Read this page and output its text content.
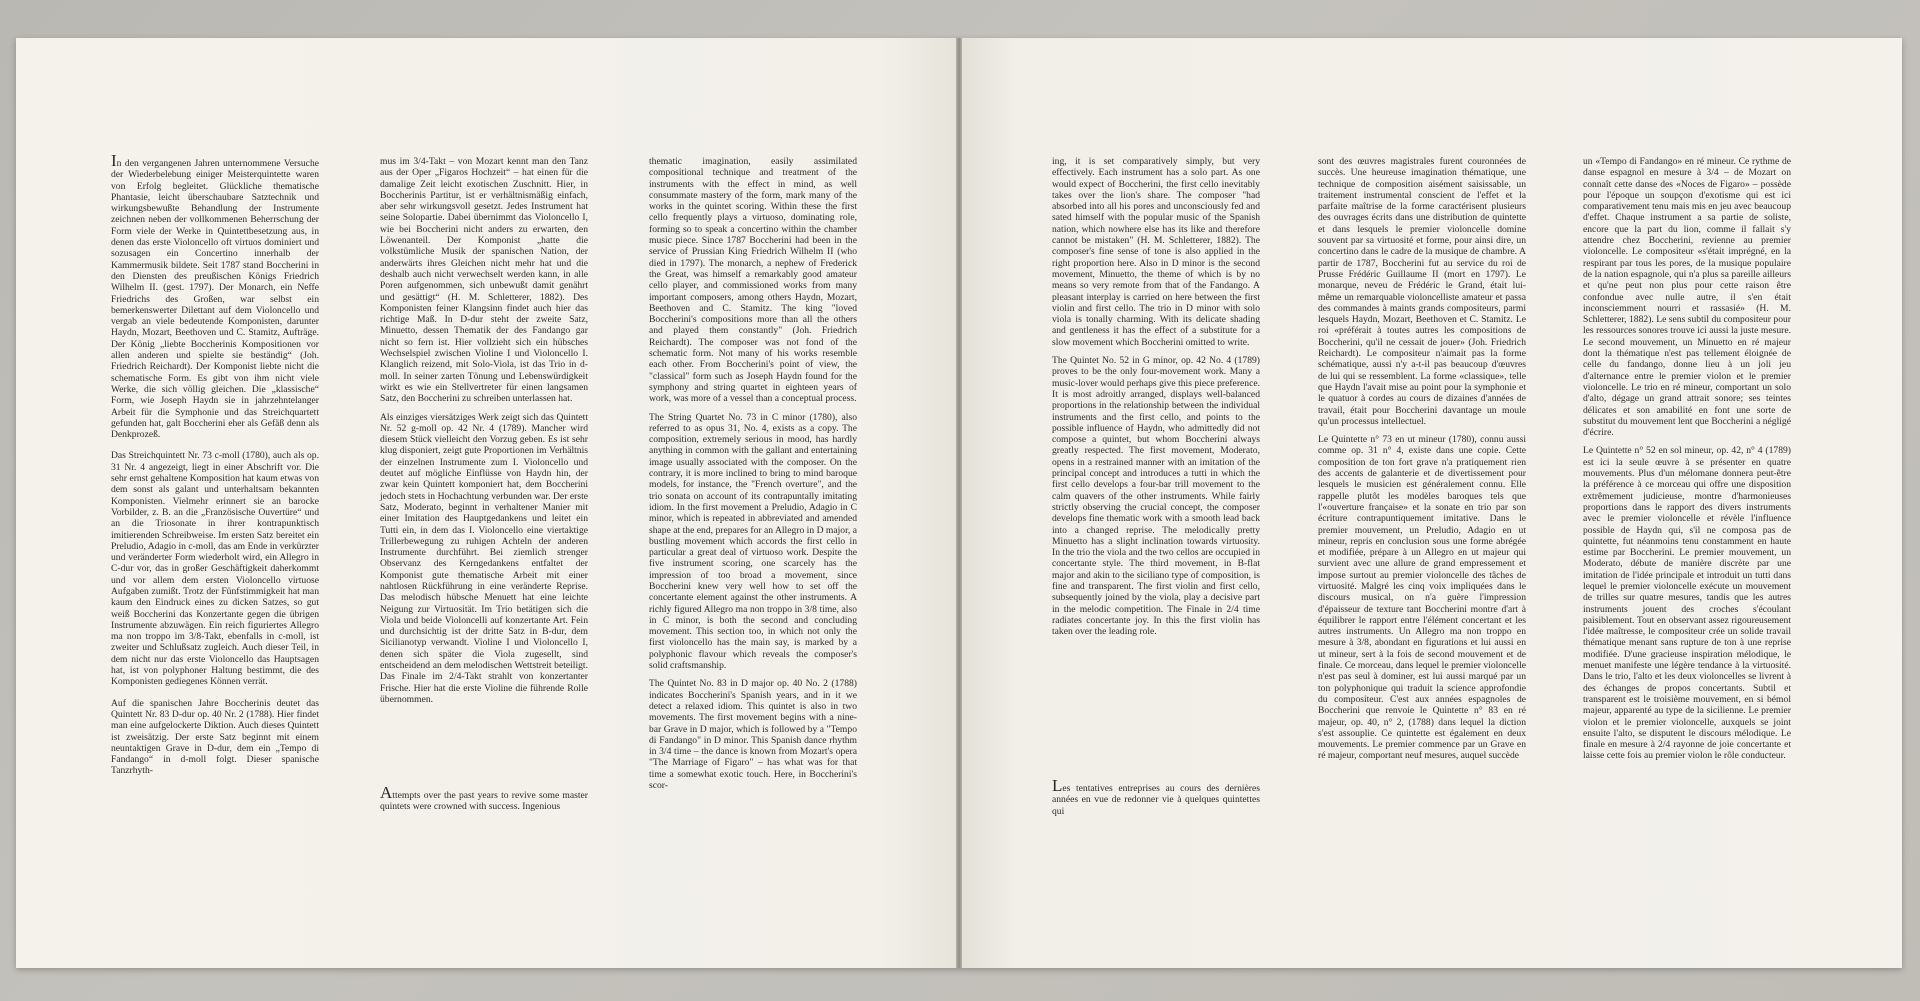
In den vergangenen Jahren unternommene Versuche der Wiederbelebung einiger Meisterquintette waren von Erfolg begleitet. Glückliche thematische Phantasie, leicht überschaubare Satztechnik und wirkungsbewußte Behandlung der Instrumente zeichnen neben der vollkommenen Beherrschung der Form viele der Werke in Quintettbesetzung aus, in denen das erste Violoncello oft virtuos dominiert und sozusagen ein Concertino innerhalb der Kammermusik bildete. Seit 1787 stand Boccherini in den Diensten des preußischen Königs Friedrich Wilhelm II. (gest. 1797). Der Monarch, ein Neffe Friedrichs des Großen, war selbst ein bemerkenswerter Dilettant auf dem Violoncello und vergab an viele bedeutende Komponisten, darunter Haydn, Mozart, Beethoven und C. Stamitz, Aufträge. Der König „liebte Boccherinis Kompositionen vor allen anderen und spielte sie beständig“ (Joh. Friedrich Reichardt). Der Komponist liebte nicht die schematische Form. Es gibt von ihm nicht viele Werke, die sich völlig gleichen. Die „klassische“ Form, wie Joseph Haydn sie in jahrzehntelanger Arbeit für die Symphonie und das Streichquartett gefunden hat, galt Boccherini eher als Gefäß denn als Denkprozeß.

Das Streichquintett Nr. 73 c-moll (1780), auch als op. 31 Nr. 4 angezeigt, liegt in einer Abschrift vor. Die sehr ernst gehaltene Komposition hat kaum etwas von dem sonst als galant und unterhaltsam bekannten Komponisten. Vielmehr erinnert sie an barocke Vorbilder, z. B. an die „Französische Ouvertüre“ und an die Triosonate in ihrer kontrapunktisch imitierenden Schreibweise. Im ersten Satz bereitet ein Preludio, Adagio in c-moll, das am Ende in verkürzter und veränderter Form wiederholt wird, ein Allegro in C-dur vor, das in großer Geschäftigkeit daherkommt und vor allem dem ersten Violoncello virtuose Aufgaben zumißt. Trotz der Fünfstimmigkeit hat man kaum den Eindruck eines zu dicken Satzes, so gut weiß Boccherini das Konzertante gegen die übrigen Instrumente abzuwägen. Ein reich figuriertes Allegro ma non troppo im 3/8-Takt, ebenfalls in c-moll, ist zweiter und Schlußsatz zugleich. Auch dieser Teil, in dem nicht nur das erste Violoncello das Hauptsagen hat, ist von polyphoner Haltung bestimmt, die des Komponisten gediegenes Können verrät.

Auf die spanischen Jahre Boccherinis deutet das Quintett Nr. 83 D-dur op. 40 Nr. 2 (1788). Hier findet man eine aufgelockerte Diktion. Auch dieses Quintett ist zweisätzig. Der erste Satz beginnt mit einem neuntaktigen Grave in D-dur, dem ein „Tempo di Fandango“ in d-moll folgt. Dieser spanische Tanzrhyth-

mus im 3/4-Takt – von Mozart kennt man den Tanz aus der Oper „Figaros Hochzeit“ – hat einen für die damalige Zeit leicht exotischen Zuschnitt. Hier, in Boccherinis Partitur, ist er verhältnismäßig einfach, aber sehr wirkungsvoll gesetzt. Jedes Instrument hat seine Solopartie. Dabei übernimmt das Violoncello I, wie bei Boccherini nicht anders zu erwarten, den Löwenanteil. Der Komponist „hatte die volkstümliche Musik der spanischen Nation, der anderwärts ihres Gleichen nicht mehr hat und die deshalb auch nicht verwechselt werden kann, in alle Poren aufgenommen, sich unbewußt damit genährt und gesättigt“ (H. M. Schletterer, 1882). Des Komponisten feiner Klangsinn findet auch hier das richtige Maß. In D-dur steht der zweite Satz, Minuetto, dessen Thematik der des Fandango gar nicht so fern ist. Hier vollzieht sich ein hübsches Wechselspiel zwischen Violine I und Violoncello I. Klanglich reizend, mit Solo-Viola, ist das Trio in d-moll. In seiner zarten Tönung und Lebenswürdigkeit wirkt es wie ein Stellvertreter für einen langsamen Satz, den Boccherini zu schreiben unterlassen hat.

Als einziges viersätziges Werk zeigt sich das Quintett Nr. 52 g-moll op. 42 Nr. 4 (1789). Mancher wird diesem Stück vielleicht den Vorzug geben. Es ist sehr klug disponiert, zeigt gute Proportionen im Verhältnis der einzelnen Instrumente zum I. Violoncello und deutet auf mögliche Einflüsse von Haydn hin, der zwar kein Quintett komponiert hat, dem Boccherini jedoch stets in Hochachtung verbunden war. Der erste Satz, Moderato, beginnt in verhaltener Manier mit einer Imitation des Hauptgedankens und leitet ein Tutti ein, in dem das I. Violoncello eine viertaktige Trillerbewegung zu ruhigen Achteln der anderen Instrumente durchführt. Bei ziemlich strenger Observanz des Kerngedankens entfaltet der Komponist gute thematische Arbeit mit einer nahtlosen Rückführung in eine veränderte Reprise. Das melodisch hübsche Menuett hat eine leichte Neigung zur Virtuosität. Im Trio betätigen sich die Viola und beide Violoncelli auf konzertante Art. Fein und durchsichtig ist der dritte Satz in B-dur, dem Sicilianotyp verwandt. Violine I und Violoncello I, denen sich später die Viola zugesellt, sind entscheidend an dem melodischen Wettstreit beteiligt. Das Finale im 2/4-Takt strahlt von konzertanter Frische. Hier hat die erste Violine die führende Rolle übernommen.

Attempts over the past years to revive some master quintets were crowned with success. Ingenious

thematic imagination, easily assimilated compositional technique and treatment of the instruments with the effect in mind, as well consummate mastery of the form, mark many of the works in the quintet scoring. Within these the first cello frequently plays a virtuoso, dominating role, forming so to speak a concertino within the chamber music piece. Since 1787 Boccherini had been in the service of Prussian King Friedrich Wilhelm II (who died in 1797). The monarch, a nephew of Frederick the Great, was himself a remarkably good amateur cello player, and commissioned works from many important composers, among others Haydn, Mozart, Beethoven and C. Stamitz. The king "loved Boccherini's compositions more than all the others and played them constantly" (Joh. Friedrich Reichardt). The composer was not fond of the schematic form. Not many of his works resemble each other. From Boccherini's point of view, the "classical" form such as Joseph Haydn found for the symphony and string quartet in eighteen years of work, was more of a vessel than a conceptual process.

The String Quartet No. 73 in C minor (1780), also referred to as opus 31, No. 4, exists as a copy. The composition, extremely serious in mood, has hardly anything in common with the gallant and entertaining image usually associated with the composer. On the contrary, it is more inclined to bring to mind baroque models, for instance, the "French overture", and the trio sonata on account of its contrapuntally imitating idiom. In the first movement a Preludio, Adagio in C minor, which is repeated in abbreviated and amended shape at the end, prepares for an Allegro in D major, a bustling movement which accords the first cello in particular a great deal of virtuoso work. Despite the five instrument scoring, one scarcely has the impression of too broad a movement, since Boccherini knew very well how to set off the concertante element against the other instruments. A richly figured Allegro ma non troppo in 3/8 time, also in C minor, is both the second and concluding movement. This section too, in which not only the first violoncello has the main say, is marked by a polyphonic flavour which reveals the composer's solid craftsmanship.

The Quintet No. 83 in D major op. 40 No. 2 (1788) indicates Boccherini's Spanish years, and in it we detect a relaxed idiom. This quintet is also in two movements. The first movement begins with a nine-bar Grave in D major, which is followed by a "Tempo di Fandango" in D minor. This Spanish dance rhythm in 3/4 time – the dance is known from Mozart's opera "The Marriage of Figaro" – has what was for that time a somewhat exotic touch. Here, in Boccherini's scor-

ing, it is set comparatively simply, but very effectively. Each instrument has a solo part. As one would expect of Boccherini, the first cello inevitably takes over the lion's share. The composer "had absorbed into all his pores and unconsciously fed and sated himself with the popular music of the Spanish nation, which nowhere else has its like and therefore cannot be mistaken" (H. M. Schletterer, 1882). The composer's fine sense of tone is also applied in the right proportion here. Also in D minor is the second movement, Minuetto, the theme of which is by no means so very remote from that of the Fandango. A pleasant interplay is carried on here between the first violin and first cello. The trio in D minor with solo viola is tonally charming. With its delicate shading and gentleness it has the effect of a substitute for a slow movement which Boccherini omitted to write.

The Quintet No. 52 in G minor, op. 42 No. 4 (1789) proves to be the only four-movement work. Many a music-lover would perhaps give this piece preference. It is most adroitly arranged, displays well-balanced proportions in the relationship between the individual instruments and the first cello, and points to the possible influence of Haydn, who admittedly did not compose a quintet, but whom Boccherini always greatly respected. The first movement, Moderato, opens in a restrained manner with an imitation of the principal concept and introduces a tutti in which the first cello develops a four-bar trill movement to the calm quavers of the other instruments. While fairly strictly observing the crucial concept, the composer develops fine thematic work with a smooth lead back into a changed reprise. The melodically pretty Minuetto has a slight inclination towards virtuosity. In the trio the viola and the two cellos are occupied in concertante style. The third movement, in B-flat major and akin to the siciliano type of composition, is fine and transparent. The first violin and first cello, subsequently joined by the viola, play a decisive part in the melodic competition. The Finale in 2/4 time radiates concertante joy. In this the first violin has taken over the leading role.

Les tentatives entreprises au cours des dernières années en vue de redonner vie à quelques quintettes qui

sont des œuvres magistrales furent couronnées de succès. Une heureuse imagination thématique, une technique de composition aisément saisissable, un traitement instrumental conscient de l'effet et la parfaite maîtrise de la forme caractérisent plusieurs des ouvrages écrits dans une distribution de quintette et dans lesquels le premier violoncelle domine souvent par sa virtuosité et forme, pour ainsi dire, un concertino dans le cadre de la musique de chambre. A partir de 1787, Boccherini fut au service du roi de Prusse Frédéric Guillaume II (mort en 1797). Le monarque, neveu de Frédéric le Grand, était lui-même un remarquable violoncelliste amateur et passa des commandes à maints grands compositeurs, parmi lesquels Haydn, Mozart, Beethoven et C. Stamitz. Le roi «préférait à toutes autres les compositions de Boccherini, qu'il ne cessait de jouer» (Joh. Friedrich Reichardt). Le compositeur n'aimait pas la forme schématique, aussi n'y a-t-il pas beaucoup d'œuvres de lui qui se ressemblent. La forme «classique», telle que Haydn l'avait mise au point pour la symphonie et le quatuor à cordes au cours de dizaines d'années de travail, était pour Boccherini davantage un moule qu'un processus intellectuel.

Le Quintette n° 73 en ut mineur (1780), connu aussi comme op. 31 n° 4, existe dans une copie. Cette composition de ton fort grave n'a pratiquement rien des accents de galanterie et de divertissement pour lesquels le musicien est généralement connu. Elle rappelle plutôt les modèles baroques tels que l'«ouverture française» et la sonate en trio par son écriture contrapuntiquement imitative. Dans le premier mouvement, un Preludio, Adagio en ut mineur, repris en conclusion sous une forme abrégée et modifiée, prépare à un Allegro en ut majeur qui survient avec une allure de grand empressement et impose surtout au premier violoncelle des tâches de virtuosité. Malgré les cinq voix impliquées dans le discours musical, on n'a guère l'impression d'épaisseur de texture tant Boccherini montre d'art à équilibrer le rapport entre l'élément concertant et les autres instruments. Un Allegro ma non troppo en mesure à 3/8, abondant en figurations et lui aussi en ut mineur, sert à la fois de second mouvement et de finale. Ce morceau, dans lequel le premier violoncelle n'est pas seul à dominer, est lui aussi marqué par un ton polyphonique qui traduit la science approfondie du compositeur. C'est aux années espagnoles de Boccherini que renvoie le Quintette n° 83 en ré majeur, op. 40, n° 2, (1788) dans lequel la diction s'est assouplie. Ce quintette est également en deux mouvements. Le premier commence par un Grave en ré majeur, comportant neuf mesures, auquel succède

un «Tempo di Fandango» en ré mineur. Ce rythme de danse espagnol en mesure à 3/4 – de Mozart on connaît cette danse des «Noces de Figaro» – possède pour l'époque un soupçon d'exotisme qui est ici comparativement tenu mais mis en jeu avec beaucoup d'effet. Chaque instrument a sa partie de soliste, encore que la part du lion, comme il fallait s'y attendre chez Boccherini, revienne au premier violoncelle. Le compositeur «s'était imprégné, en la respirant par tous les pores, de la musique populaire de la nation espagnole, qui n'a plus sa pareille ailleurs et qu'ne peut non plus pour cette raison être confondue avec nulle autre, il s'en était inconsciemment nourri et rassasié» (H. M. Schletterer, 1882). Le sens subtil du compositeur pour les ressources sonores trouve ici aussi la juste mesure. Le second mouvement, un Minuetto en ré majeur dont la thématique n'est pas tellement éloignée de celle du fandango, donne lieu à un joli jeu d'alternance entre le premier violon et le premier violoncelle. Le trio en ré mineur, comportant un solo d'alto, dégage un grand attrait sonore; ses teintes délicates et son amabilité en font une sorte de substitut du mouvement lent que Boccherini a négligé d'écrire.

Le Quintette n° 52 en sol mineur, op. 42, n° 4 (1789) est ici la seule œuvre à se présenter en quatre mouvements. Plus d'un mélomane donnera peut-être la préférence à ce morceau qui offre une disposition extrêmement judicieuse, montre d'harmonieuses proportions dans le rapport des divers instruments avec le premier violoncelle et révèle l'influence possible de Haydn qui, s'il ne composa pas de quintette, fut néanmoins tenu constamment en haute estime par Boccherini. Le premier mouvement, un Moderato, débute de manière discrète par une imitation de l'idée principale et introduit un tutti dans lequel le premier violoncelle exécute un mouvement de trilles sur quatre mesures, tandis que les autres instruments jouent des croches s'écoulant paisiblement. Tout en observant assez rigoureusement l'idée maîtresse, le compositeur crée un solide travail thématique menant sans rupture de ton à une reprise modifiée. D'une gracieuse inspiration mélodique, le menuet manifeste une légère tendance à la virtuosité. Dans le trio, l'alto et les deux violoncelles se livrent à des échanges de propos concertants. Subtil et transparent est le troisième mouvement, en si bémol majeur, apparenté au type de la sicilienne. Le premier violon et le premier violoncelle, auxquels se joint ensuite l'alto, se disputent le discours mélodique. Le finale en mesure à 2/4 rayonne de joie concertante et laisse cette fois au premier violon le rôle conducteur.
